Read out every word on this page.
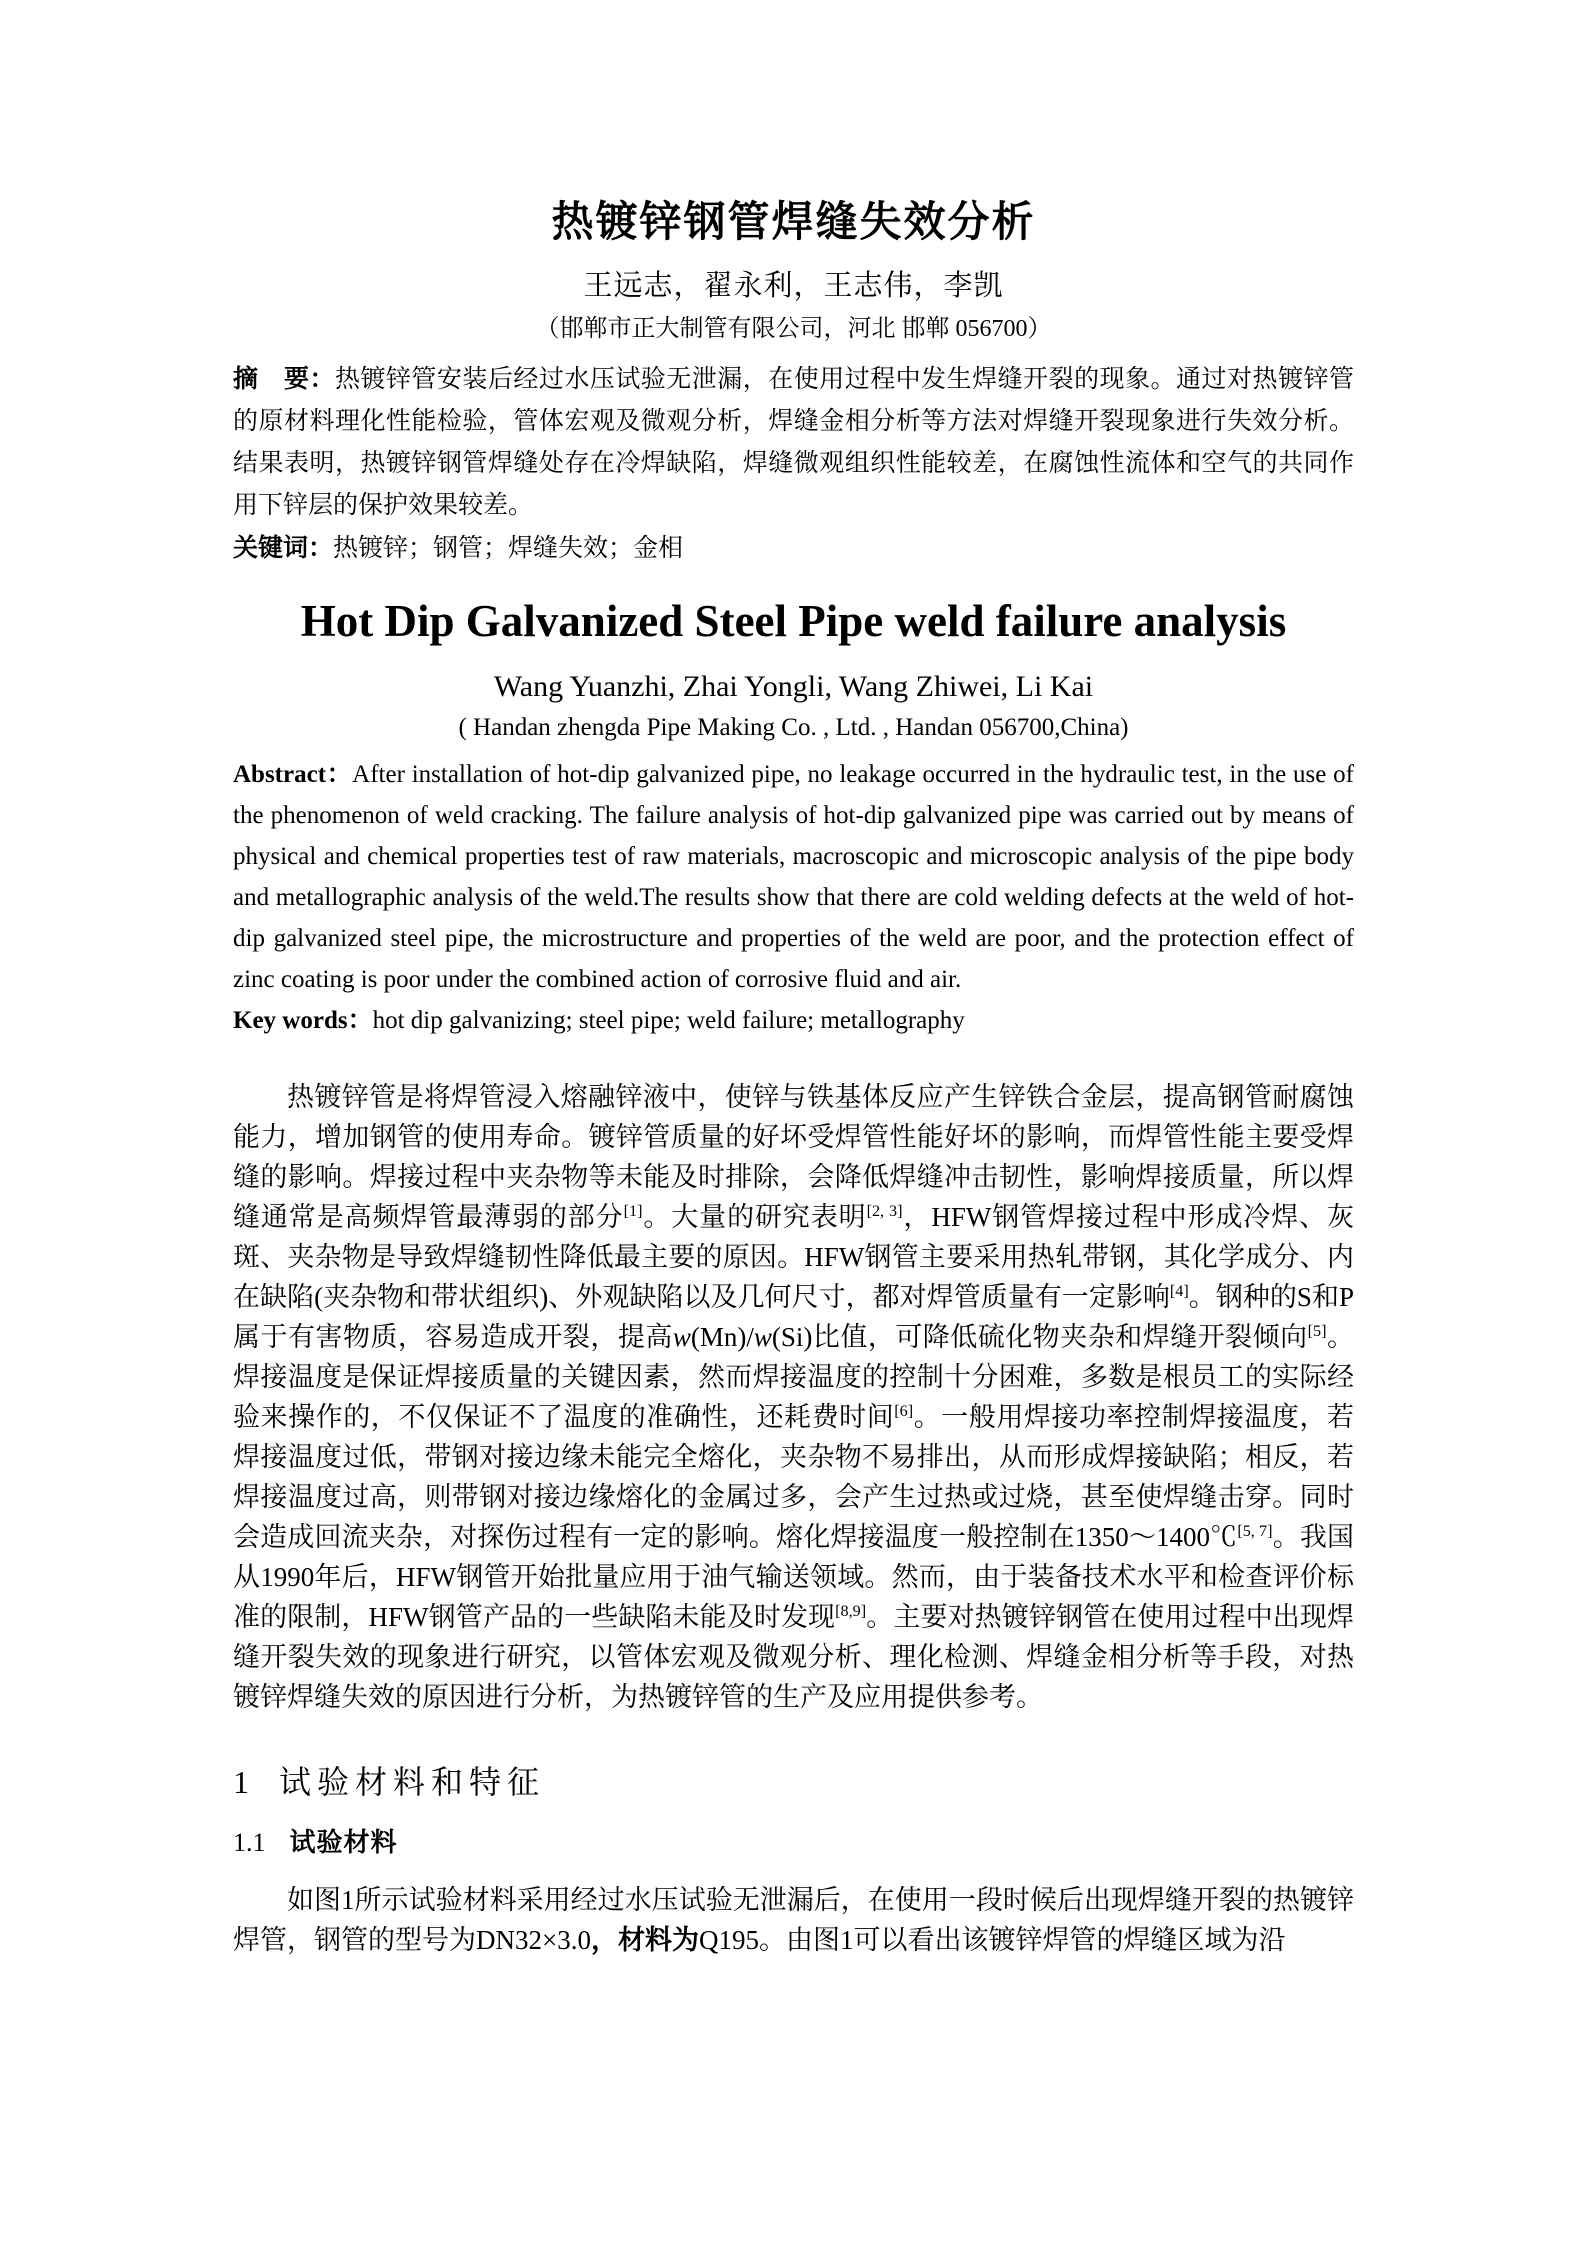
热镀锌钢管焊缝失效分析
王远志，翟永利，王志伟，李凯
（邯郸市正大制管有限公司，河北 邯郸 056700）
摘　要：热镀锌管安装后经过水压试验无泄漏，在使用过程中发生焊缝开裂的现象。通过对热镀锌管的原材料理化性能检验，管体宏观及微观分析，焊缝金相分析等方法对焊缝开裂现象进行失效分析。结果表明，热镀锌钢管焊缝处存在冷焊缺陷，焊缝微观组织性能较差，在腐蚀性流体和空气的共同作用下锌层的保护效果较差。
关键词：热镀锌；钢管；焊缝失效；金相
Hot Dip Galvanized Steel Pipe weld failure analysis
Wang Yuanzhi, Zhai Yongli, Wang Zhiwei, Li Kai
( Handan zhengda Pipe Making Co. , Ltd. , Handan 056700,China)
Abstract：After installation of hot-dip galvanized pipe, no leakage occurred in the hydraulic test, in the use of the phenomenon of weld cracking. The failure analysis of hot-dip galvanized pipe was carried out by means of physical and chemical properties test of raw materials, macroscopic and microscopic analysis of the pipe body and metallographic analysis of the weld.The results show that there are cold welding defects at the weld of hot-dip galvanized steel pipe, the microstructure and properties of the weld are poor, and the protection effect of zinc coating is poor under the combined action of corrosive fluid and air.
Key words：hot dip galvanizing; steel pipe; weld failure; metallography
热镀锌管是将焊管浸入熔融锌液中，使锌与铁基体反应产生锌铁合金层，提高钢管耐腐蚀能力，增加钢管的使用寿命。镀锌管质量的好坏受焊管性能好坏的影响，而焊管性能主要受焊缝的影响。焊接过程中夹杂物等未能及时排除，会降低焊缝冲击韧性，影响焊接质量，所以焊缝通常是高频焊管最薄弱的部分[1]。大量的研究表明[2, 3]，HFW钢管焊接过程中形成冷焊、灰斑、夹杂物是导致焊缝韧性降低最主要的原因。HFW钢管主要采用热轧带钢，其化学成分、内在缺陷(夹杂物和带状组织)、外观缺陷以及几何尺寸，都对焊管质量有一定影响[4]。钢种的S和P属于有害物质，容易造成开裂，提高w(Mn)/w(Si)比值，可降低硫化物夹杂和焊缝开裂倾向[5]。焊接温度是保证焊接质量的关键因素，然而焊接温度的控制十分困难，多数是根员工的实际经验来操作的，不仅保证不了温度的准确性，还耗费时间[6]。一般用焊接功率控制焊接温度，若焊接温度过低，带钢对接边缘未能完全熔化，夹杂物不易排出，从而形成焊接缺陷；相反，若焊接温度过高，则带钢对接边缘熔化的金属过多，会产生过热或过烧，甚至使焊缝击穿。同时会造成回流夹杂，对探伤过程有一定的影响。熔化焊接温度一般控制在1350～1400℃[5, 7]。我国从1990年后，HFW钢管开始批量应用于油气输送领域。然而，由于装备技术水平和检查评价标准的限制，HFW钢管产品的一些缺陷未能及时发现[8,9]。主要对热镀锌钢管在使用过程中出现焊缝开裂失效的现象进行研究，以管体宏观及微观分析、理化检测、焊缝金相分析等手段，对热镀锌焊缝失效的原因进行分析，为热镀锌管的生产及应用提供参考。
1 试验材料和特征
1.1 试验材料
如图1所示试验材料采用经过水压试验无泄漏后，在使用一段时候后出现焊缝开裂的热镀锌焊管，钢管的型号为DN32×3.0，材料为Q195。由图1可以看出该镀锌焊管的焊缝区域为沿
